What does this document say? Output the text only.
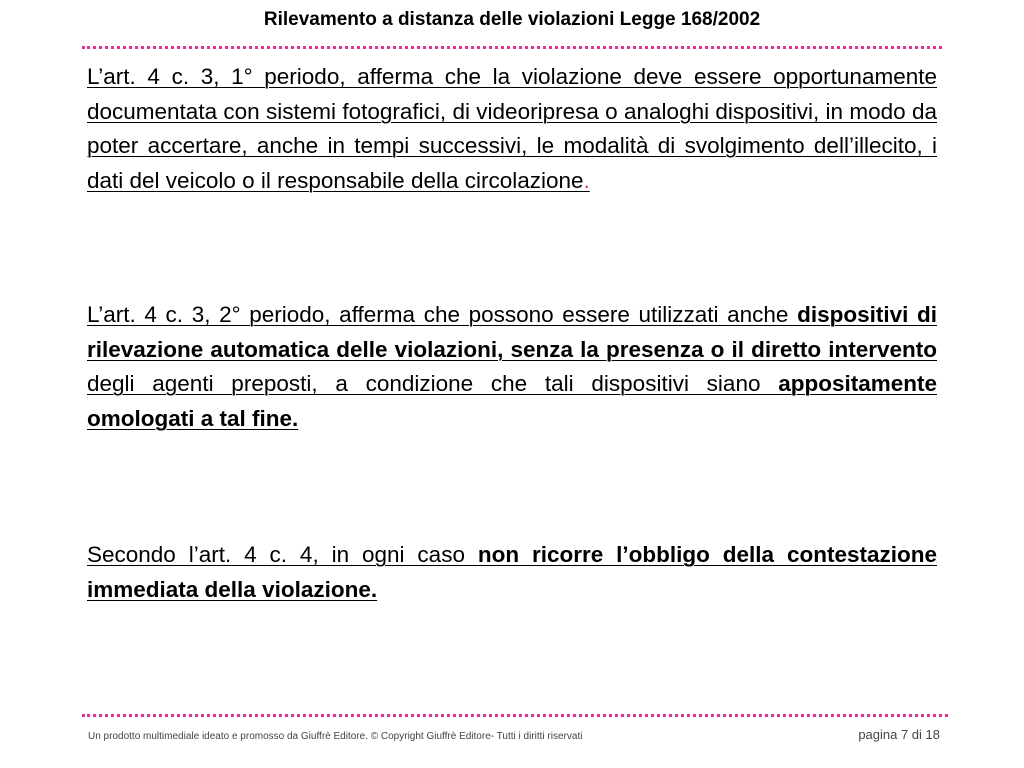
Rilevamento a distanza delle violazioni Legge 168/2002

L’art. 4 c. 3, 1° periodo, afferma che la violazione deve essere opportunamente documentata con sistemi fotografici, di videoripresa o analoghi dispositivi, in modo da poter accertare, anche in tempi successivi, le modalità di svolgimento dell’illecito, i dati del veicolo o il responsabile della circolazione.

L’art. 4 c. 3, 2° periodo, afferma che possono essere utilizzati anche dispositivi di rilevazione automatica delle violazioni, senza la presenza o il diretto intervento degli agenti preposti, a condizione che tali dispositivi siano appositamente omologati a tal fine.

Secondo l’art. 4 c. 4, in ogni caso non ricorre l’obbligo della contestazione immediata della violazione.

Un prodotto multimediale ideato e promosso da Giuffrè Editore. © Copyright Giuffrè Editore- Tutti i diritti riservati	pagina 7 di 18
